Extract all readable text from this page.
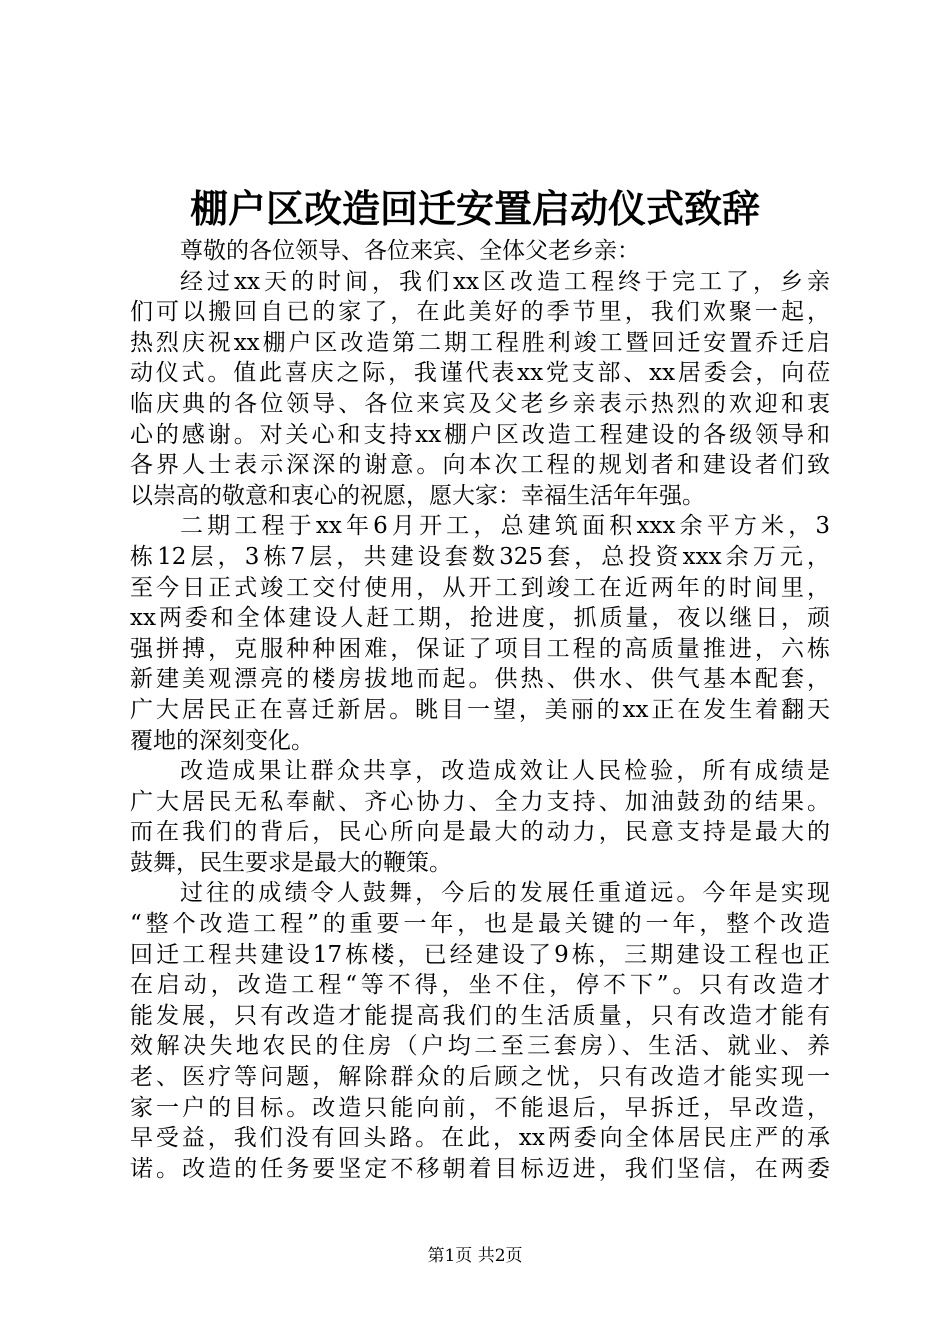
棚户区改造回迁安置启动仪式致辞
尊敬的各位领导、各位来宾、全体父老乡亲：
经过xx天的时间，我们xx区改造工程终于完工了，乡亲
们可以搬回自已的家了，在此美好的季节里，我们欢聚一起，
热烈庆祝xx棚户区改造第二期工程胜利竣工暨回迁安置乔迁启
动仪式。值此喜庆之际，我谨代表xx党支部、xx居委会，向莅
临庆典的各位领导、各位来宾及父老乡亲表示热烈的欢迎和衷
心的感谢。对关心和支持xx棚户区改造工程建设的各级领导和
各界人士表示深深的谢意。向本次工程的规划者和建设者们致
以崇高的敬意和衷心的祝愿，愿大家：幸福生活年年强。
二期工程于xx年6月开工，总建筑面积xxx余平方米，3
栋12层，3栋7层，共建设套数325套，总投资xxx余万元，
至今日正式竣工交付使用，从开工到竣工在近两年的时间里，
xx两委和全体建设人赶工期，抢进度，抓质量，夜以继日，顽
强拼搏，克服种种困难，保证了项目工程的高质量推进，六栋
新建美观漂亮的楼房拔地而起。供热、供水、供气基本配套，
广大居民正在喜迁新居。眺目一望，美丽的xx正在发生着翻天
覆地的深刻变化。
改造成果让群众共享，改造成效让人民检验，所有成绩是
广大居民无私奉献、齐心协力、全力支持、加油鼓劲的结果。
而在我们的背后，民心所向是最大的动力，民意支持是最大的
鼓舞，民生要求是最大的鞭策。
过往的成绩令人鼓舞，今后的发展任重道远。今年是实现
“整个改造工程”的重要一年，也是最关键的一年，整个改造
回迁工程共建设17栋楼，已经建设了9栋，三期建设工程也正
在启动，改造工程“等不得，坐不住，停不下”。只有改造才
能发展，只有改造才能提高我们的生活质量，只有改造才能有
效解决失地农民的住房（户均二至三套房）、生活、就业、养
老、医疗等问题，解除群众的后顾之忧，只有改造才能实现一
家一户的目标。改造只能向前，不能退后，早拆迁，早改造，
早受益，我们没有回头路。在此，xx两委向全体居民庄严的承
诺。改造的任务要坚定不移朝着目标迈进，我们坚信，在两委
第1页 共2页
